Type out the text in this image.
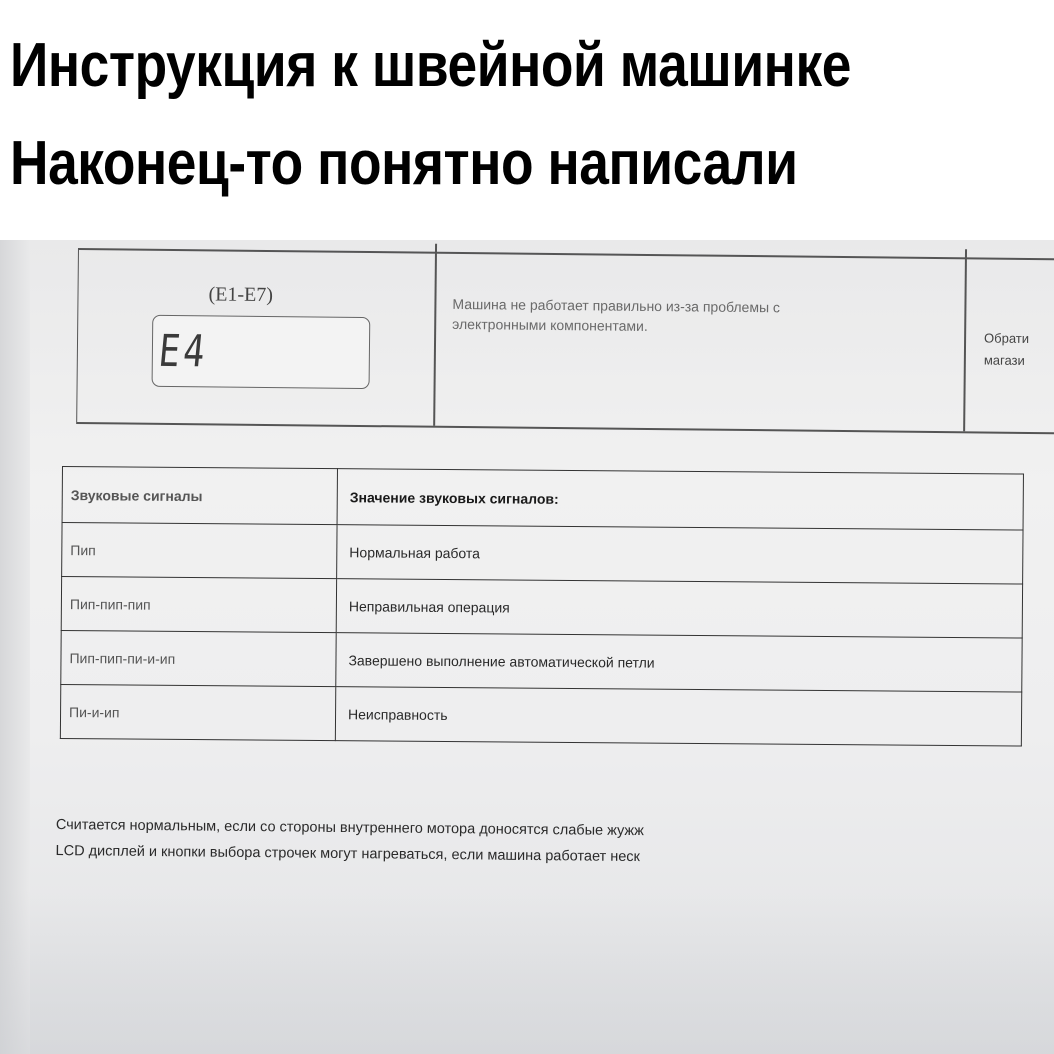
Инструкция к швейной машинке
Наконец-то понятно написали
(E1-E7)
E4
Машина не работает правильно из-за проблемы с электронными компонентами.
Обрати
магази
Звуковые сигналы	Значение звуковых сигналов:
Пип	Нормальная работа
Пип-пип-пип	Неправильная операция
Пип-пип-пи-и-ип	Завершено выполнение автоматической петли
Пи-и-ип	Неисправность
Считается нормальным, если со стороны внутреннего мотора доносятся слабые жужж
LCD дисплей и кнопки выбора строчек могут нагреваться, если машина работает неск
